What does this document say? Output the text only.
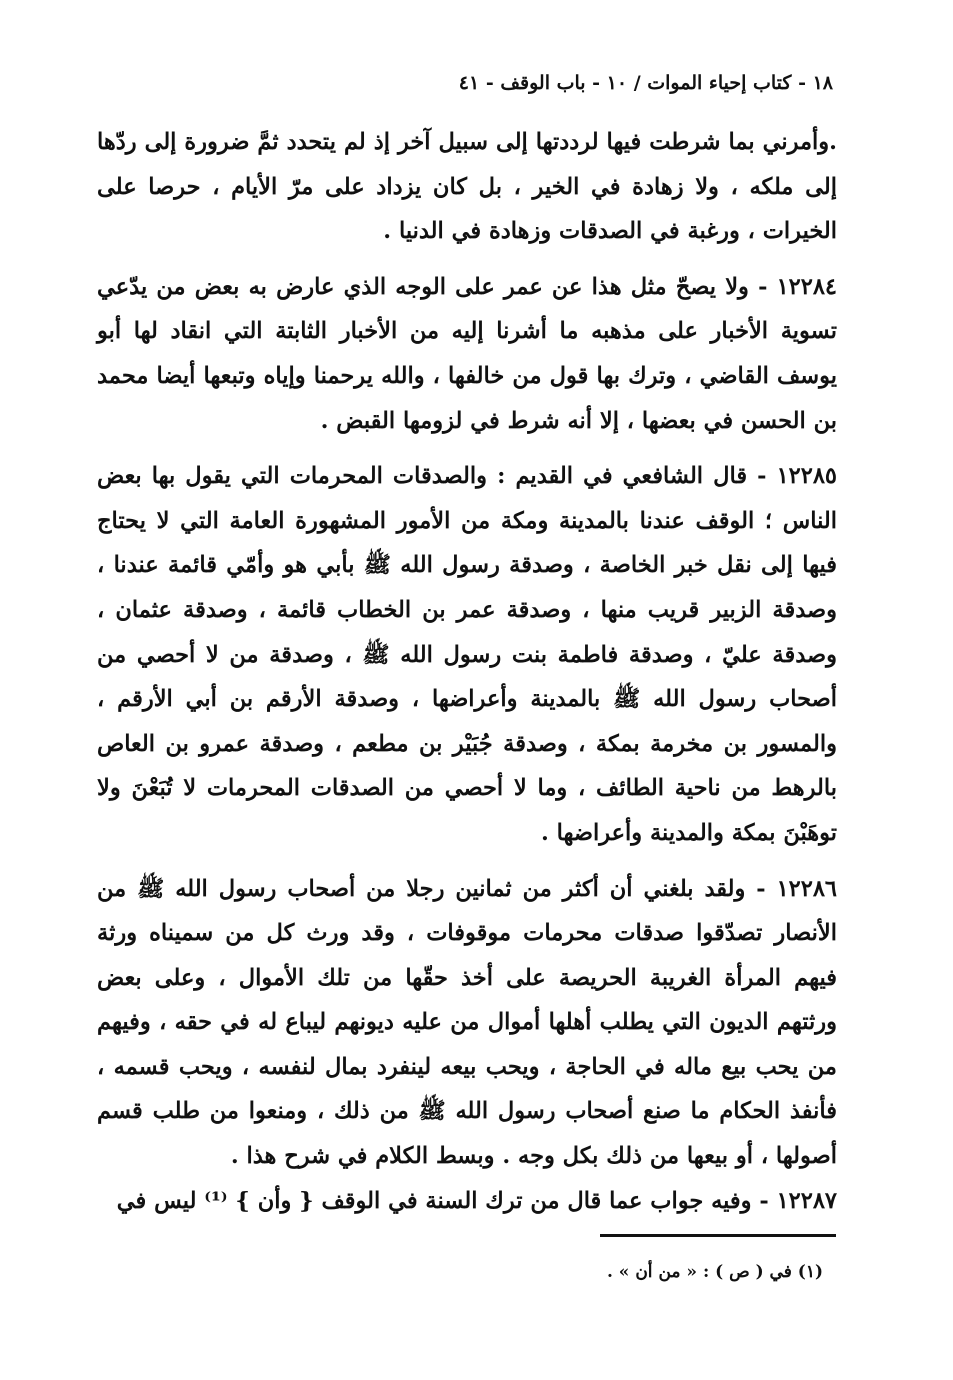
١٨ - كتاب إحياء الموات / ١٠ - باب الوقف - ٤١

.وأمرني بما شرطت فيها لرددتها إلى سبيل آخر إذ لم يتحدد ثمَّ ضرورة إلى ردّها إلى ملكه ، ولا زهادة في الخير ، بل كان يزداد على مرّ الأيام ، حرصا على الخيرات ، ورغبة في الصدقات وزهادة في الدنيا .

١٢٢٨٤ - ولا يصحّ مثل هذا عن عمر على الوجه الذي عارض به بعض من يدّعي تسوية الأخبار على مذهبه ما أشرنا إليه من الأخبار الثابتة التي انقاد لها أبو يوسف القاضي ، وترك بها قول من خالفها ، والله يرحمنا وإياه وتبعها أيضا محمد بن الحسن في بعضها ، إلا أنه شرط في لزومها القبض .

١٢٢٨٥ - قال الشافعي في القديم : والصدقات المحرمات التي يقول بها بعض الناس ؛ الوقف عندنا بالمدينة ومكة من الأمور المشهورة العامة التي لا يحتاج فيها إلى نقل خبر الخاصة ، وصدقة رسول الله ﷺ بأبي هو وأمّي قائمة عندنا ، وصدقة الزبير قريب منها ، وصدقة عمر بن الخطاب قائمة ، وصدقة عثمان ، وصدقة عليّ ، وصدقة فاطمة بنت رسول الله ﷺ ، وصدقة من لا أحصي من أصحاب رسول الله ﷺ بالمدينة وأعراضها ، وصدقة الأرقم بن أبي الأرقم ، والمسور بن مخرمة بمكة ، وصدقة جُبَيْر بن مطعم ، وصدقة عمرو بن العاص بالرهط من ناحية الطائف ، وما لا أحصي من الصدقات المحرمات لا تُبَعْنَ ولا توهَبْنَ بمكة والمدينة وأعراضها .

١٢٢٨٦ - ولقد بلغني أن أكثر من ثمانين رجلا من أصحاب رسول الله ﷺ من الأنصار تصدّقوا صدقات محرمات موقوفات ، وقد ورث كل من سميناه ورثة فيهم المرأة الغريبة الحريصة على أخذ حقّها من تلك الأموال ، وعلى بعض ورثتهم الديون التي يطلب أهلها أموال من عليه ديونهم ليباع له في حقه ، وفيهم من يحب بيع ماله في الحاجة ، ويحب بيعه لينفرد بمال لنفسه ، ويحب قسمه ، فأنفذ الحكام ما صنع أصحاب رسول الله ﷺ من ذلك ، ومنعوا من طلب قسم أصولها ، أو بيعها من ذلك بكل وجه . وبسط الكلام في شرح هذا .

١٢٢٨٧ - وفيه جواب عما قال من ترك السنة في الوقف { وأن } ⁽¹⁾ ليس في

(١) في ( ص ) : « من أن » .
